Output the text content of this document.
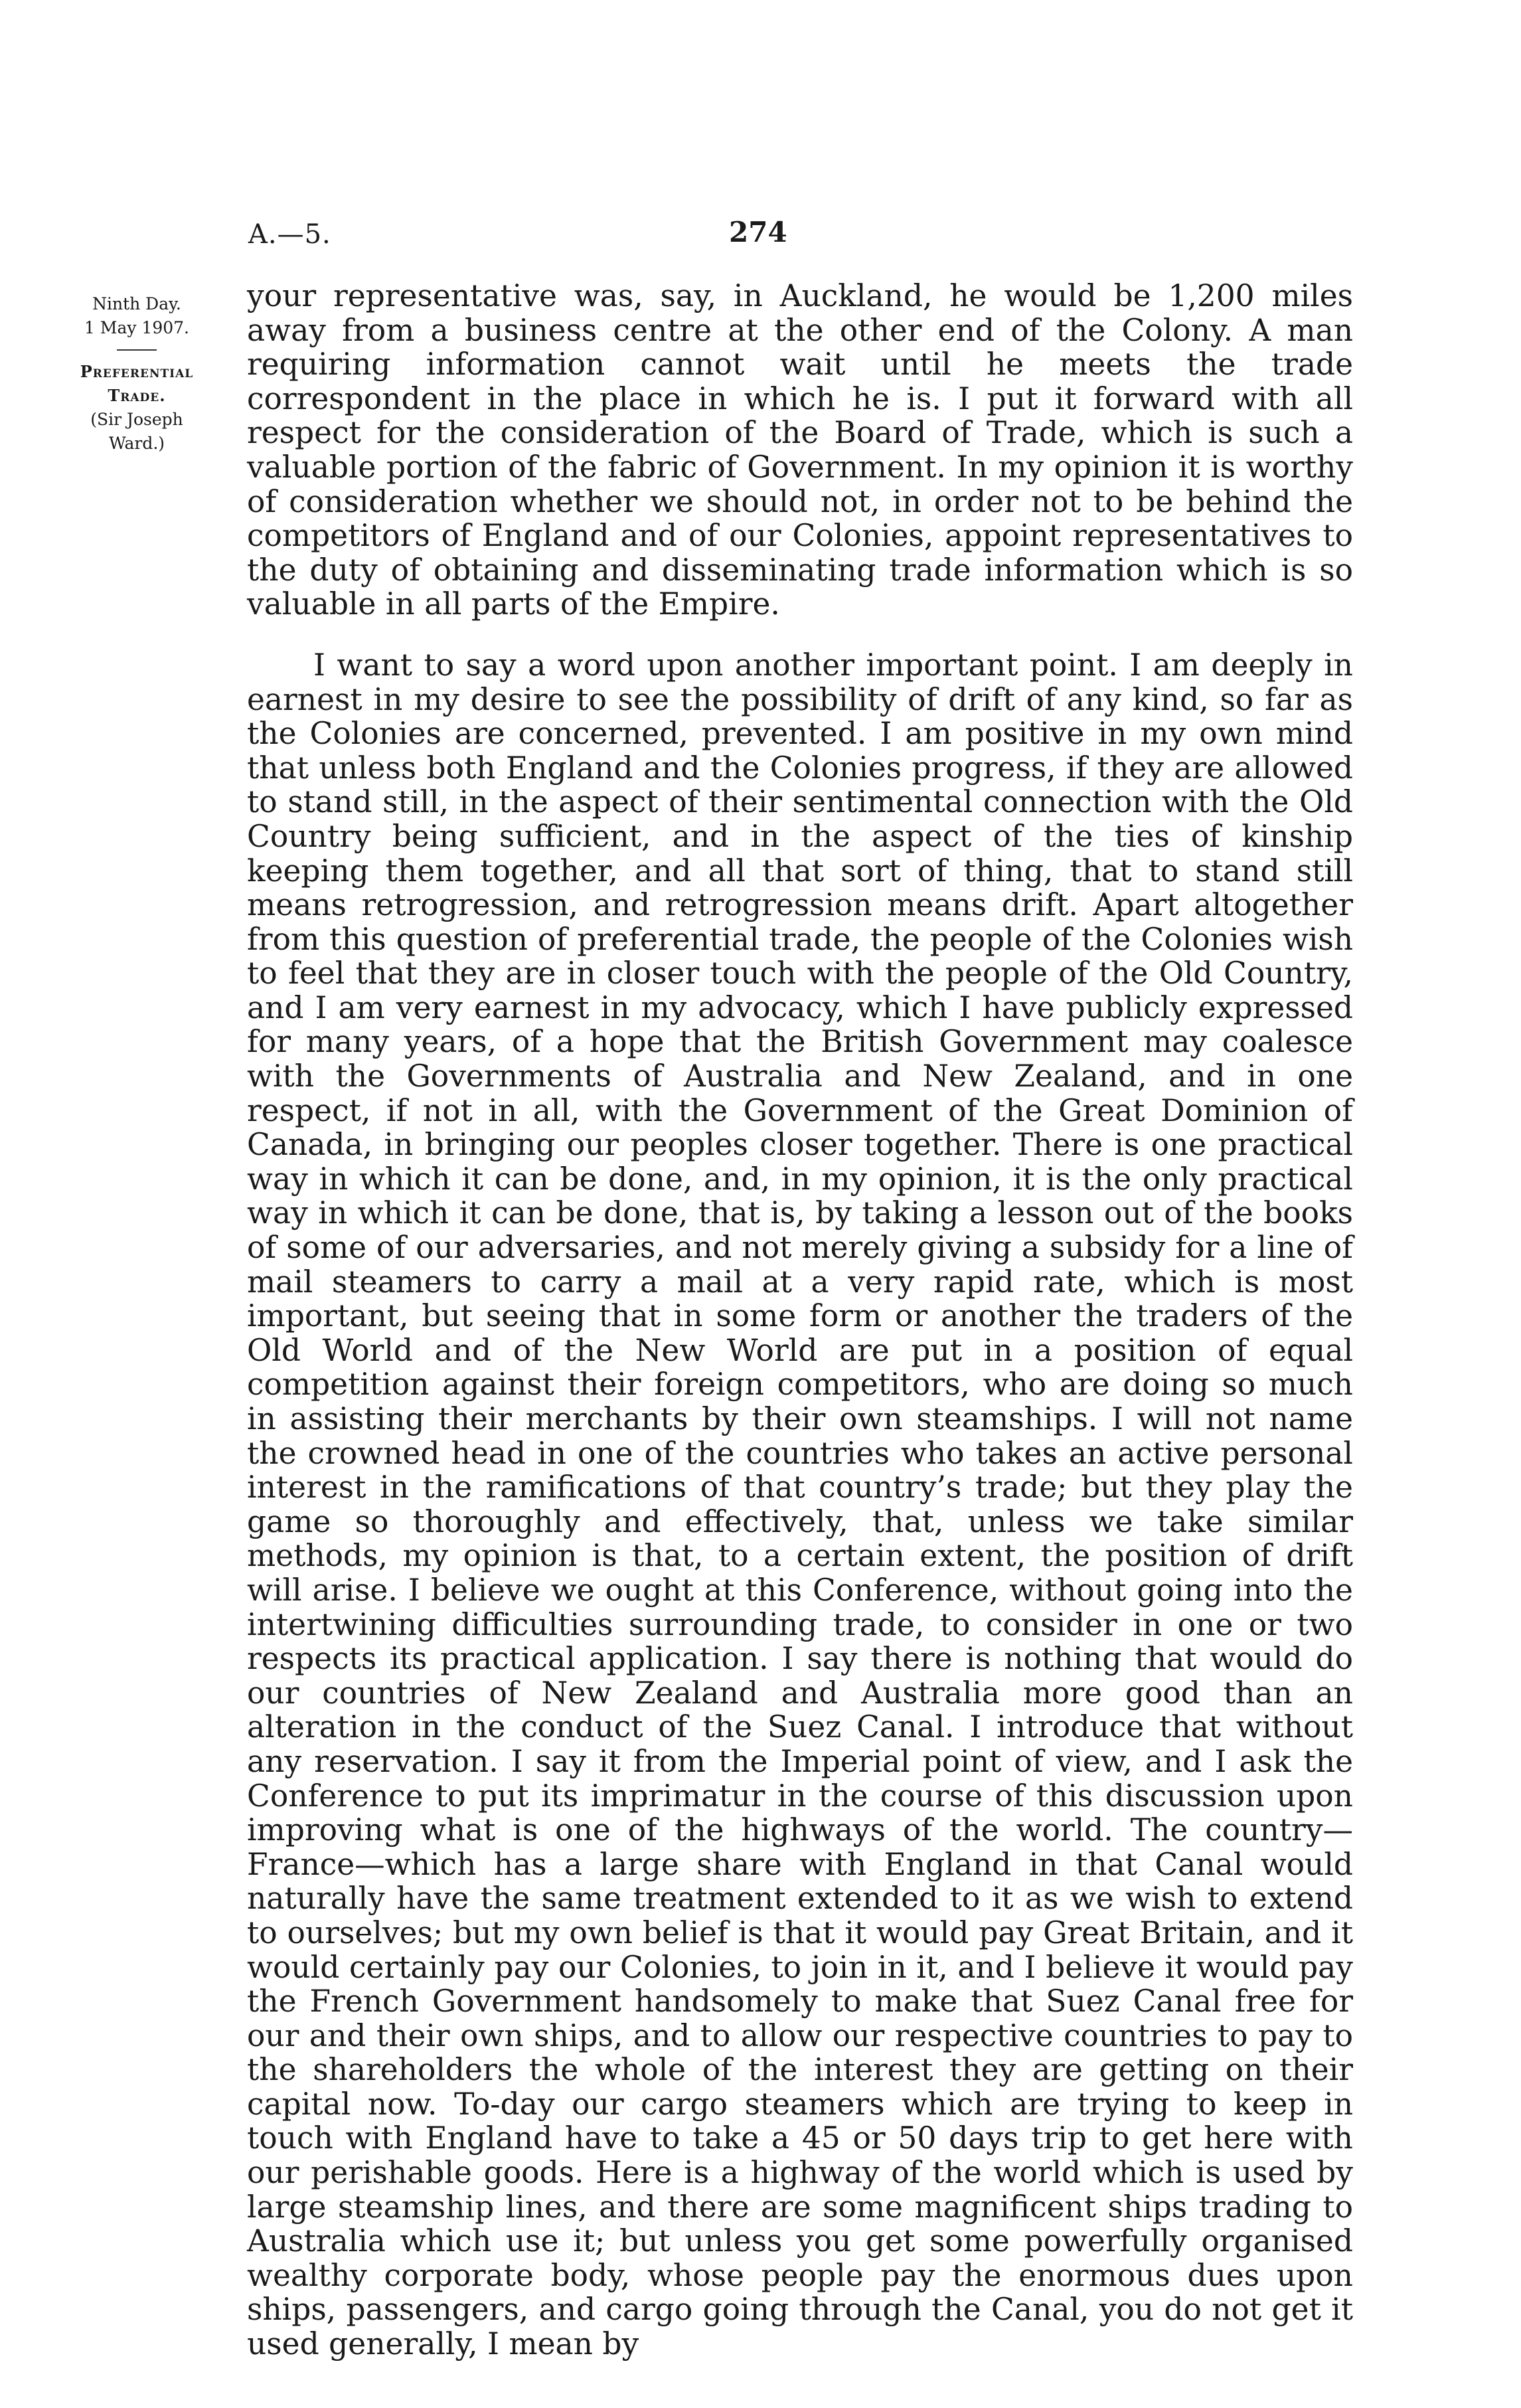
A.—5.	274
Ninth Day.
1 May 1907.
Preferential
Trade.
(Sir Joseph
Ward.)

your representative was, say, in Auckland, he would be 1,200 miles away from a business centre at the other end of the Colony. A man requiring information cannot wait until he meets the trade correspondent in the place in which he is. I put it forward with all respect for the consideration of the Board of Trade, which is such a valuable portion of the fabric of Government. In my opinion it is worthy of consideration whether we should not, in order not to be behind the competitors of England and of our Colonies, appoint representatives to the duty of obtaining and disseminating trade information which is so valuable in all parts of the Empire.

I want to say a word upon another important point. I am deeply in earnest in my desire to see the possibility of drift of any kind, so far as the Colonies are concerned, prevented. I am positive in my own mind that unless both England and the Colonies progress, if they are allowed to stand still, in the aspect of their sentimental connection with the Old Country being sufficient, and in the aspect of the ties of kinship keeping them together, and all that sort of thing, that to stand still means retrogression, and retrogression means drift. Apart altogether from this question of preferential trade, the people of the Colonies wish to feel that they are in closer touch with the people of the Old Country, and I am very earnest in my advocacy, which I have publicly expressed for many years, of a hope that the British Government may coalesce with the Governments of Australia and New Zealand, and in one respect, if not in all, with the Government of the Great Dominion of Canada, in bringing our peoples closer together. There is one practical way in which it can be done, and, in my opinion, it is the only practical way in which it can be done, that is, by taking a lesson out of the books of some of our adversaries, and not merely giving a subsidy for a line of mail steamers to carry a mail at a very rapid rate, which is most important, but seeing that in some form or another the traders of the Old World and of the New World are put in a position of equal competition against their foreign competitors, who are doing so much in assisting their merchants by their own steamships. I will not name the crowned head in one of the countries who takes an active personal interest in the ramifications of that country’s trade; but they play the game so thoroughly and effectively, that, unless we take similar methods, my opinion is that, to a certain extent, the position of drift will arise. I believe we ought at this Conference, without going into the intertwining difficulties surrounding trade, to consider in one or two respects its practical application. I say there is nothing that would do our countries of New Zealand and Australia more good than an alteration in the conduct of the Suez Canal. I introduce that without any reservation. I say it from the Imperial point of view, and I ask the Conference to put its imprimatur in the course of this discussion upon improving what is one of the highways of the world. The country—France—which has a large share with England in that Canal would naturally have the same treatment extended to it as we wish to extend to ourselves; but my own belief is that it would pay Great Britain, and it would certainly pay our Colonies, to join in it, and I believe it would pay the French Government handsomely to make that Suez Canal free for our and their own ships, and to allow our respective countries to pay to the shareholders the whole of the interest they are getting on their capital now. To-day our cargo steamers which are trying to keep in touch with England have to take a 45 or 50 days trip to get here with our perishable goods. Here is a highway of the world which is used by large steamship lines, and there are some magnificent ships trading to Australia which use it; but unless you get some powerfully organised wealthy corporate body, whose people pay the enormous dues upon ships, passengers, and cargo going through the Canal, you do not get it used generally, I mean by
